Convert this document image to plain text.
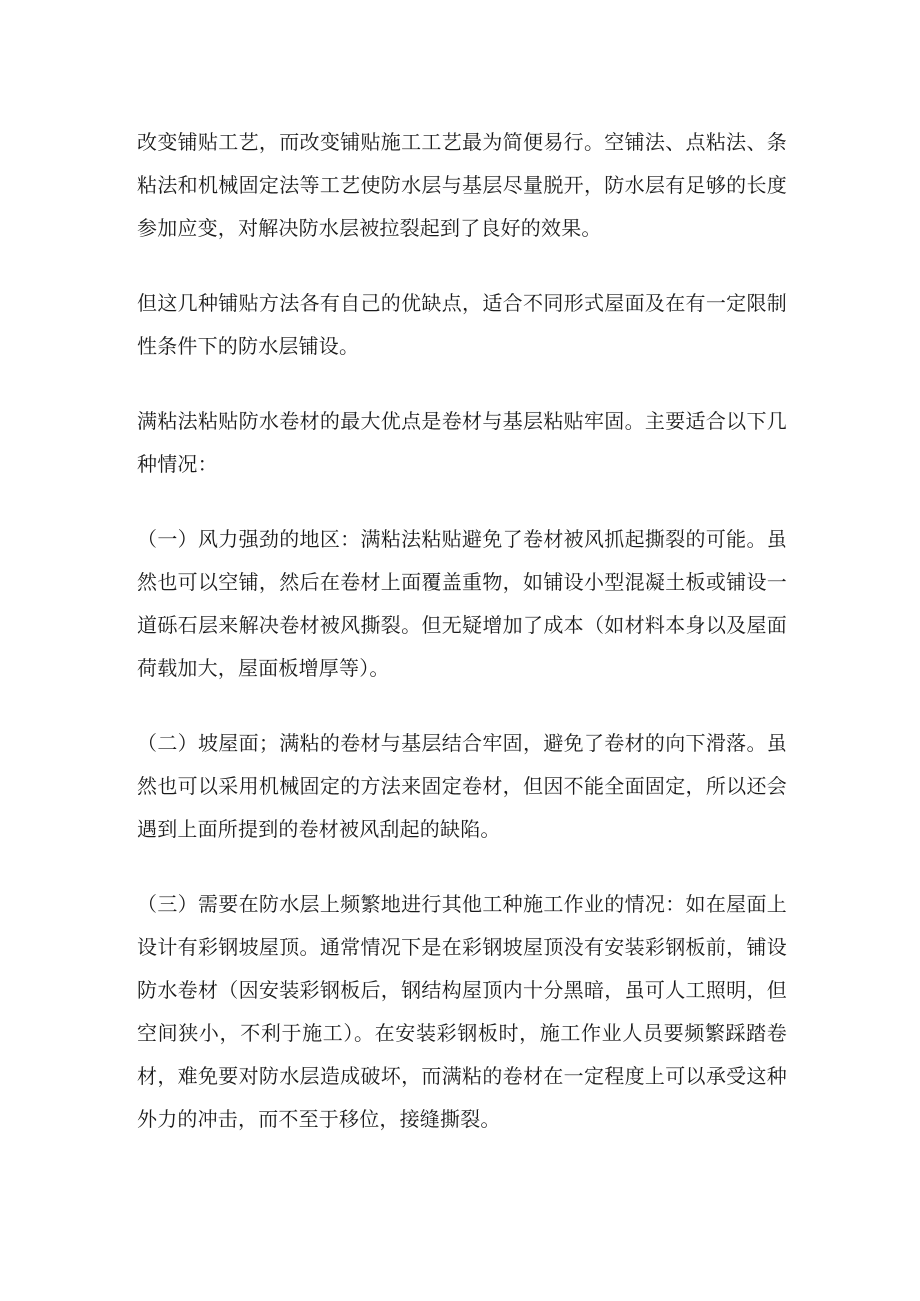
改变铺贴工艺，而改变铺贴施工工艺最为简便易行。空铺法、点粘法、条粘法和机械固定法等工艺使防水层与基层尽量脱开，防水层有足够的长度参加应变，对解决防水层被拉裂起到了良好的效果。

但这几种铺贴方法各有自己的优缺点，适合不同形式屋面及在有一定限制性条件下的防水层铺设。

满粘法粘贴防水卷材的最大优点是卷材与基层粘贴牢固。主要适合以下几种情况：

（一）风力强劲的地区：满粘法粘贴避免了卷材被风抓起撕裂的可能。虽然也可以空铺，然后在卷材上面覆盖重物，如铺设小型混凝土板或铺设一道砾石层来解决卷材被风撕裂。但无疑增加了成本（如材料本身以及屋面荷载加大，屋面板增厚等）。

（二）坡屋面；满粘的卷材与基层结合牢固，避免了卷材的向下滑落。虽然也可以采用机械固定的方法来固定卷材，但因不能全面固定，所以还会遇到上面所提到的卷材被风刮起的缺陷。

（三）需要在防水层上频繁地进行其他工种施工作业的情况：如在屋面上设计有彩钢坡屋顶。通常情况下是在彩钢坡屋顶没有安装彩钢板前，铺设防水卷材（因安装彩钢板后，钢结构屋顶内十分黑暗，虽可人工照明，但空间狭小，不利于施工）。在安装彩钢板时，施工作业人员要频繁踩踏卷材，难免要对防水层造成破坏，而满粘的卷材在一定程度上可以承受这种外力的冲击，而不至于移位，接缝撕裂。
